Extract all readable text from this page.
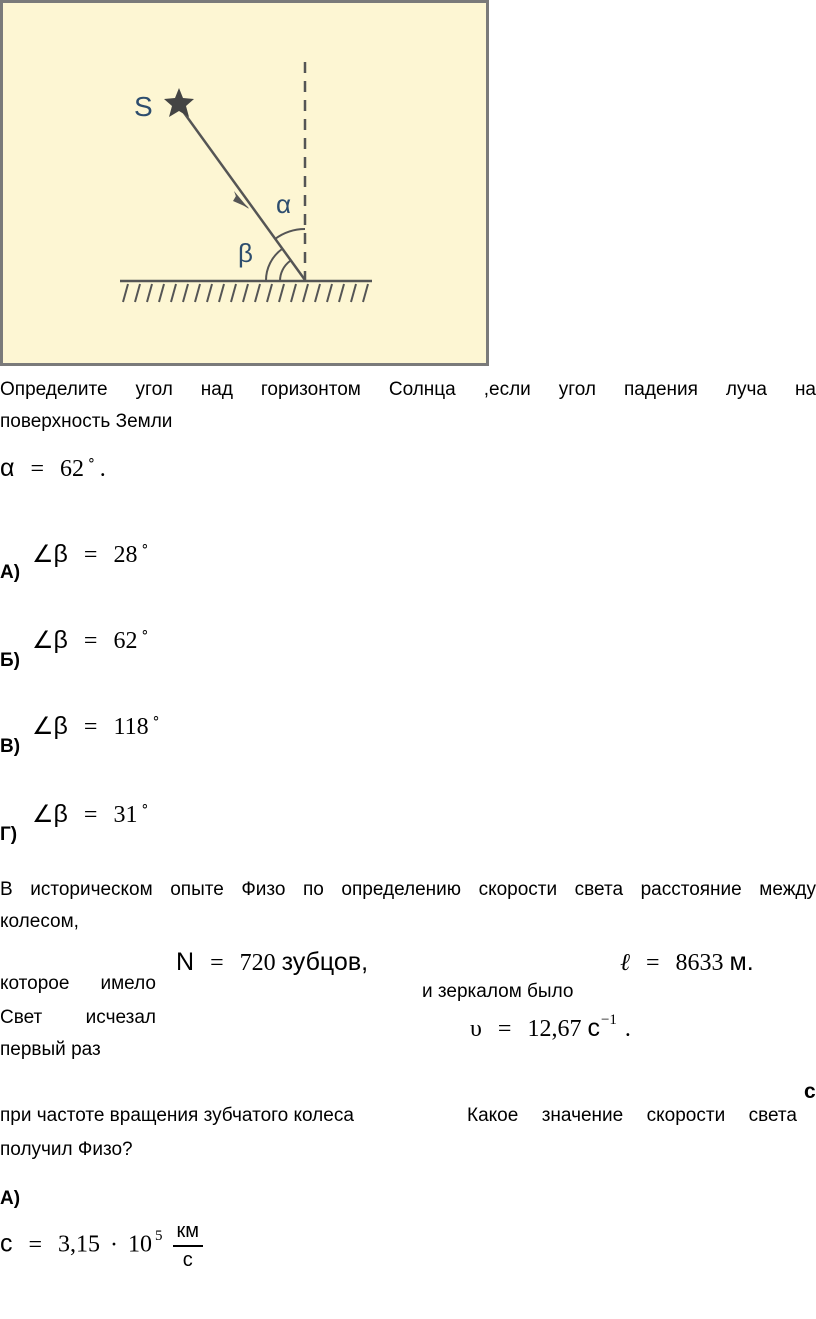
S
α
β
Определите угол над горизонтом Солнца ,если угол падения луча на
поверхность Земли
α = 62 ∘ .
А)
∠β = 28 ∘
Б)
∠β = 62 ∘
В)
∠β = 118 ∘
Г)
∠β = 31 ∘
В историческом опыте Физо по определению скорости света расстояние между
колесом,
N = 720 зубцов,	ℓ = 8633 м.
которое имело
Свет исчезал
первый раз
и зеркалом было
υ = 12,67 $с^{-1}$ .
с
при частоте вращения зубчатого колеса	Какое значение скорости света
получил Физо?
А)
с = 3,15 · 10 $^5 \frac{км}{с}$
